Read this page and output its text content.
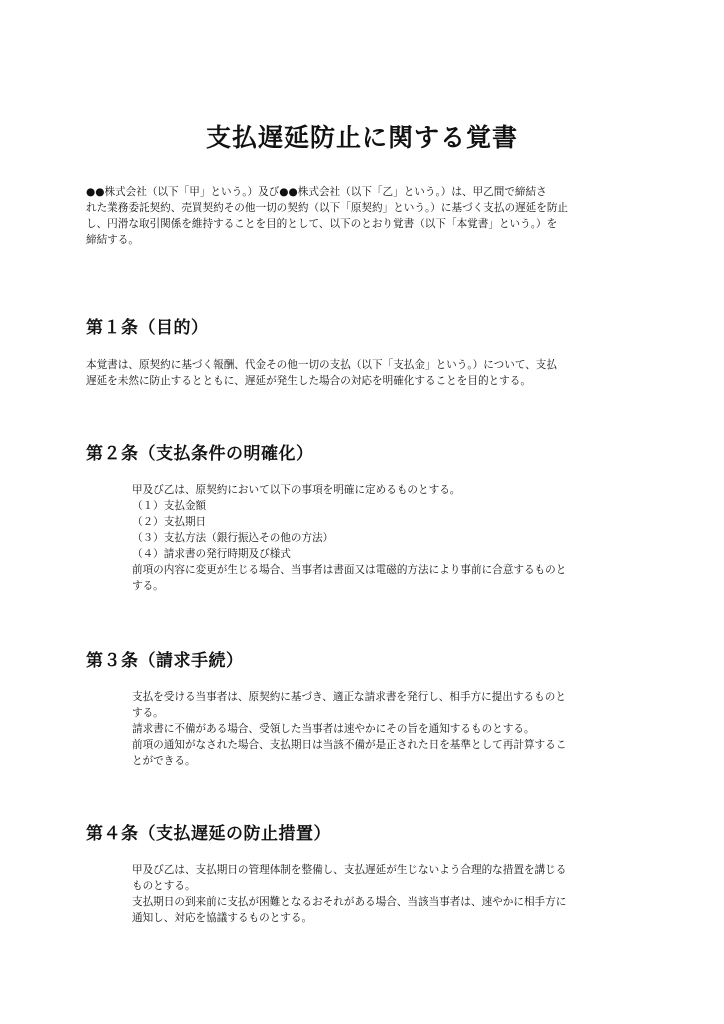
支払遅延防止に関する覚書

●●株式会社（以下「甲」という。）及び●●株式会社（以下「乙」という。）は、甲乙間で締結さ
れた業務委託契約、売買契約その他一切の契約（以下「原契約」という。）に基づく支払の遅延を防止
し、円滑な取引関係を維持することを目的として、以下のとおり覚書（以下「本覚書」という。）を
締結する。

第１条（目的）

本覚書は、原契約に基づく報酬、代金その他一切の支払（以下「支払金」という。）について、支払
遅延を未然に防止するとともに、遅延が発生した場合の対応を明確化することを目的とする。

第２条（支払条件の明確化）

甲及び乙は、原契約において以下の事項を明確に定めるものとする。

（１）支払金額

（２）支払期日

（３）支払方法（銀行振込その他の方法）

（４）請求書の発行時期及び様式

前項の内容に変更が生じる場合、当事者は書面又は電磁的方法により事前に合意するものと
する。

第３条（請求手続）

支払を受ける当事者は、原契約に基づき、適正な請求書を発行し、相手方に提出するものと
する。

請求書に不備がある場合、受領した当事者は速やかにその旨を通知するものとする。

前項の通知がなされた場合、支払期日は当該不備が是正された日を基準として再計算するこ
とができる。

第４条（支払遅延の防止措置）

甲及び乙は、支払期日の管理体制を整備し、支払遅延が生じないよう合理的な措置を講じる
ものとする。

支払期日の到来前に支払が困難となるおそれがある場合、当該当事者は、速やかに相手方に
通知し、対応を協議するものとする。
